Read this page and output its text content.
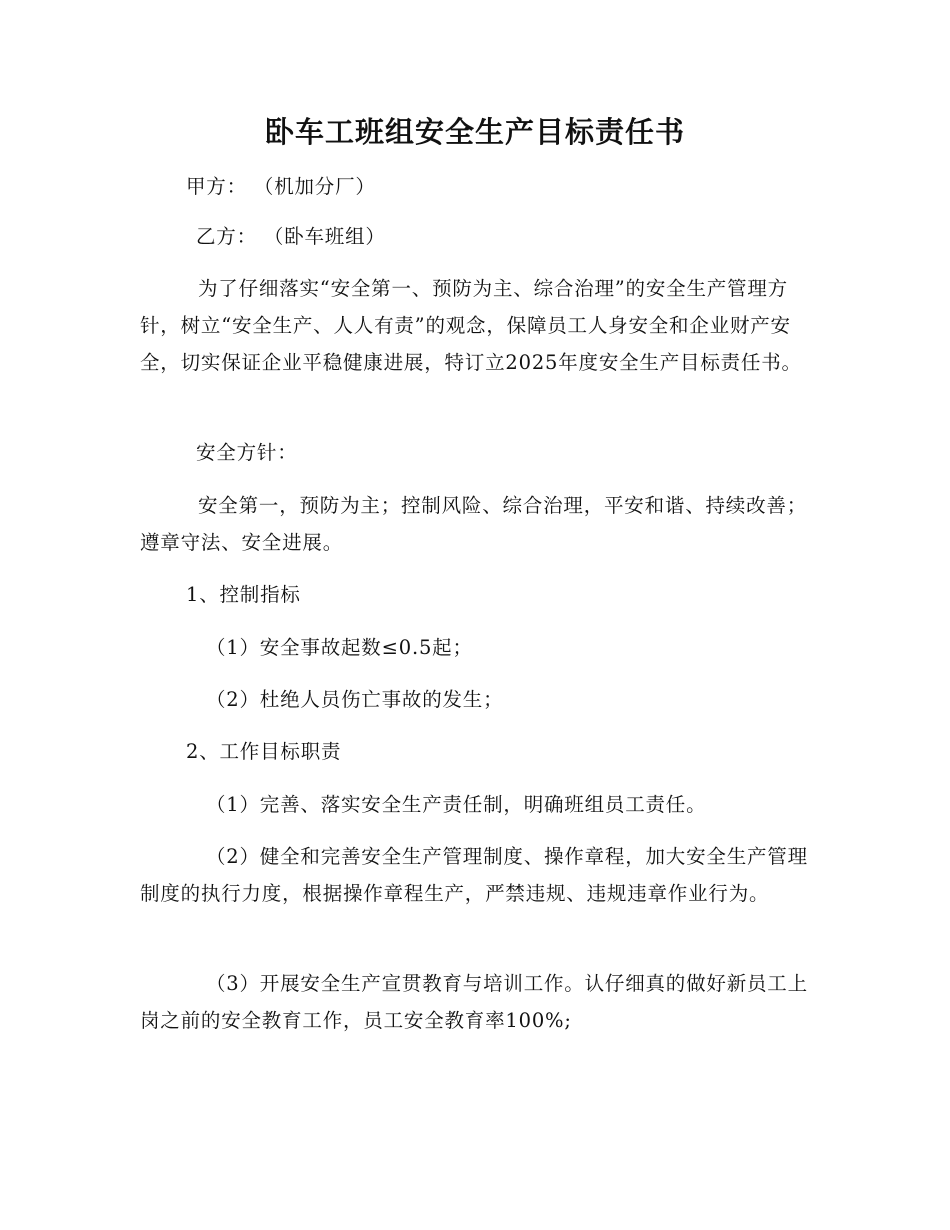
卧车工班组安全生产目标责任书
甲方： （机加分厂）
乙方： （卧车班组）
为了仔细落实“安全第一、预防为主、综合治理”的安全生产管理方针，树立“安全生产、人人有责”的观念，保障员工人身安全和企业财产安全，切实保证企业平稳健康进展，特订立2025年度安全生产目标责任书。
安全方针：
安全第一，预防为主；控制风险、综合治理，平安和谐、持续改善；遵章守法、安全进展。
1、控制指标
（1）安全事故起数≤0.5起；
（2）杜绝人员伤亡事故的发生；
2、工作目标职责
（1）完善、落实安全生产责任制，明确班组员工责任。
（2）健全和完善安全生产管理制度、操作章程，加大安全生产管理制度的执行力度，根据操作章程生产，严禁违规、违规违章作业行为。
（3）开展安全生产宣贯教育与培训工作。认仔细真的做好新员工上岗之前的安全教育工作，员工安全教育率100%;
